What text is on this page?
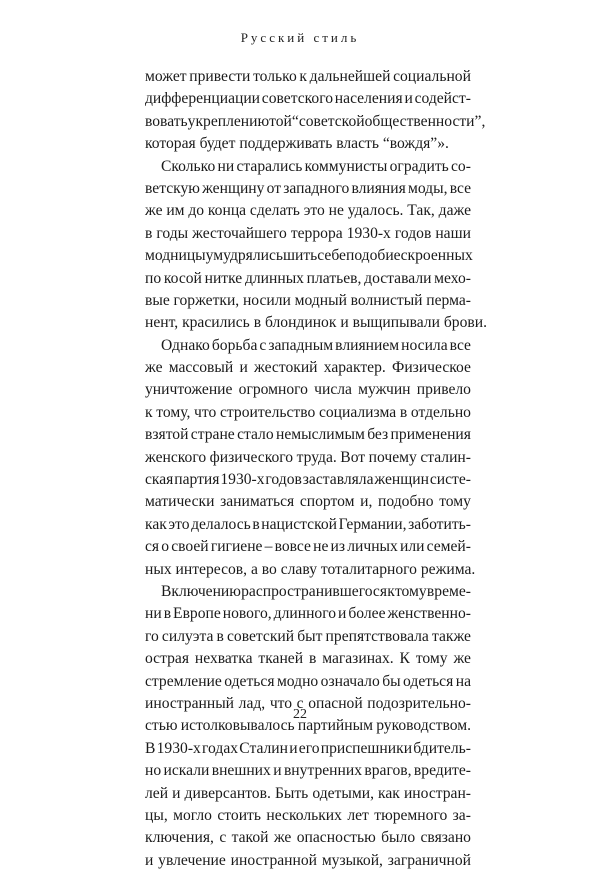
Русский стиль
может привести только к дальнейшей социальной
дифференциации советского населения и содейст-
вовать укреплению той “советской общественности”,
которая будет поддерживать власть “вождя”».
Сколько ни старались коммунисты оградить со-
ветскую женщину от западного влияния моды, все
же им до конца сделать это не удалось. Так, даже
в годы жесточайшего террора 1930-х годов наши
модницы умудрялись шить себе подобие скроенных
по косой нитке длинных платьев, доставали мехо-
вые горжетки, носили модный волнистый перма-
нент, красились в блондинок и выщипывали брови.
Однако борьба с западным влиянием носила все
же массовый и жестокий характер. Физическое
уничтожение огромного числа мужчин привело
к тому, что строительство социализма в отдельно
взятой стране стало немыслимым без применения
женского физического труда. Вот почему сталин-
ская партия 1930-х годов заставляла женщин систе-
матически заниматься спортом и, подобно тому
как это делалось в нацистской Германии, заботить-
ся о своей гигиене – вовсе не из личных или семей-
ных интересов, а во славу тоталитарного режима.
Включению распространившегося к тому време-
ни в Европе нового, длинного и более женственно-
го силуэта в советский быт препятствовала также
острая нехватка тканей в магазинах. К тому же
стремление одеться модно означало бы одеться на
иностранный лад, что с опасной подозрительно-
стью истолковывалось партийным руководством.
В 1930-х годах Сталин и его приспешники бдитель-
но искали внешних и внутренних врагов, вредите-
лей и диверсантов. Быть одетыми, как иностран-
цы, могло стоить нескольких лет тюремного за-
ключения, с такой же опасностью было связано
и увлечение иностранной музыкой, заграничной
22
